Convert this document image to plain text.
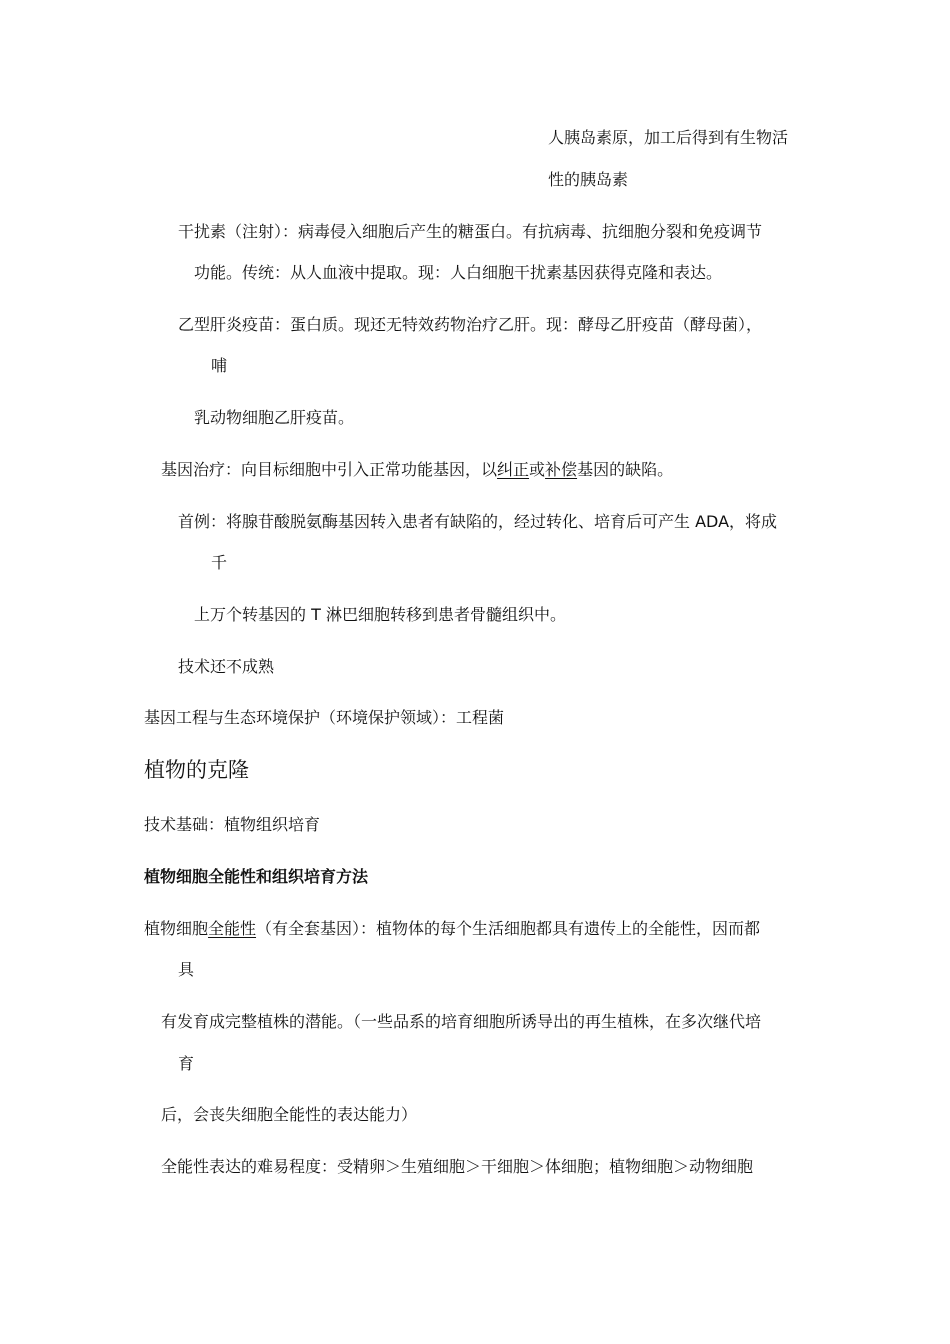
人胰岛素原，加工后得到有生物活
性的胰岛素
干扰素（注射）：病毒侵入细胞后产生的糖蛋白。有抗病毒、抗细胞分裂和免疫调节
功能。传统：从人血液中提取。现：人白细胞干扰素基因获得克隆和表达。
乙型肝炎疫苗：蛋白质。现还无特效药物治疗乙肝。现：酵母乙肝疫苗（酵母菌），
哺
乳动物细胞乙肝疫苗。
基因治疗：向目标细胞中引入正常功能基因，以纠正或补偿基因的缺陷。
首例：将腺苷酸脱氨酶基因转入患者有缺陷的，经过转化、培育后可产生 ADA，将成
千
上万个转基因的 T 淋巴细胞转移到患者骨髓组织中。
技术还不成熟
基因工程与生态环境保护（环境保护领域）：工程菌
植物的克隆
技术基础：植物组织培育
植物细胞全能性和组织培育方法
植物细胞全能性（有全套基因）：植物体的每个生活细胞都具有遗传上的全能性，因而都
具
有发育成完整植株的潜能。（一些品系的培育细胞所诱导出的再生植株，在多次继代培
育
后，会丧失细胞全能性的表达能力）
全能性表达的难易程度：受精卵＞生殖细胞＞干细胞＞体细胞；植物细胞＞动物细胞
